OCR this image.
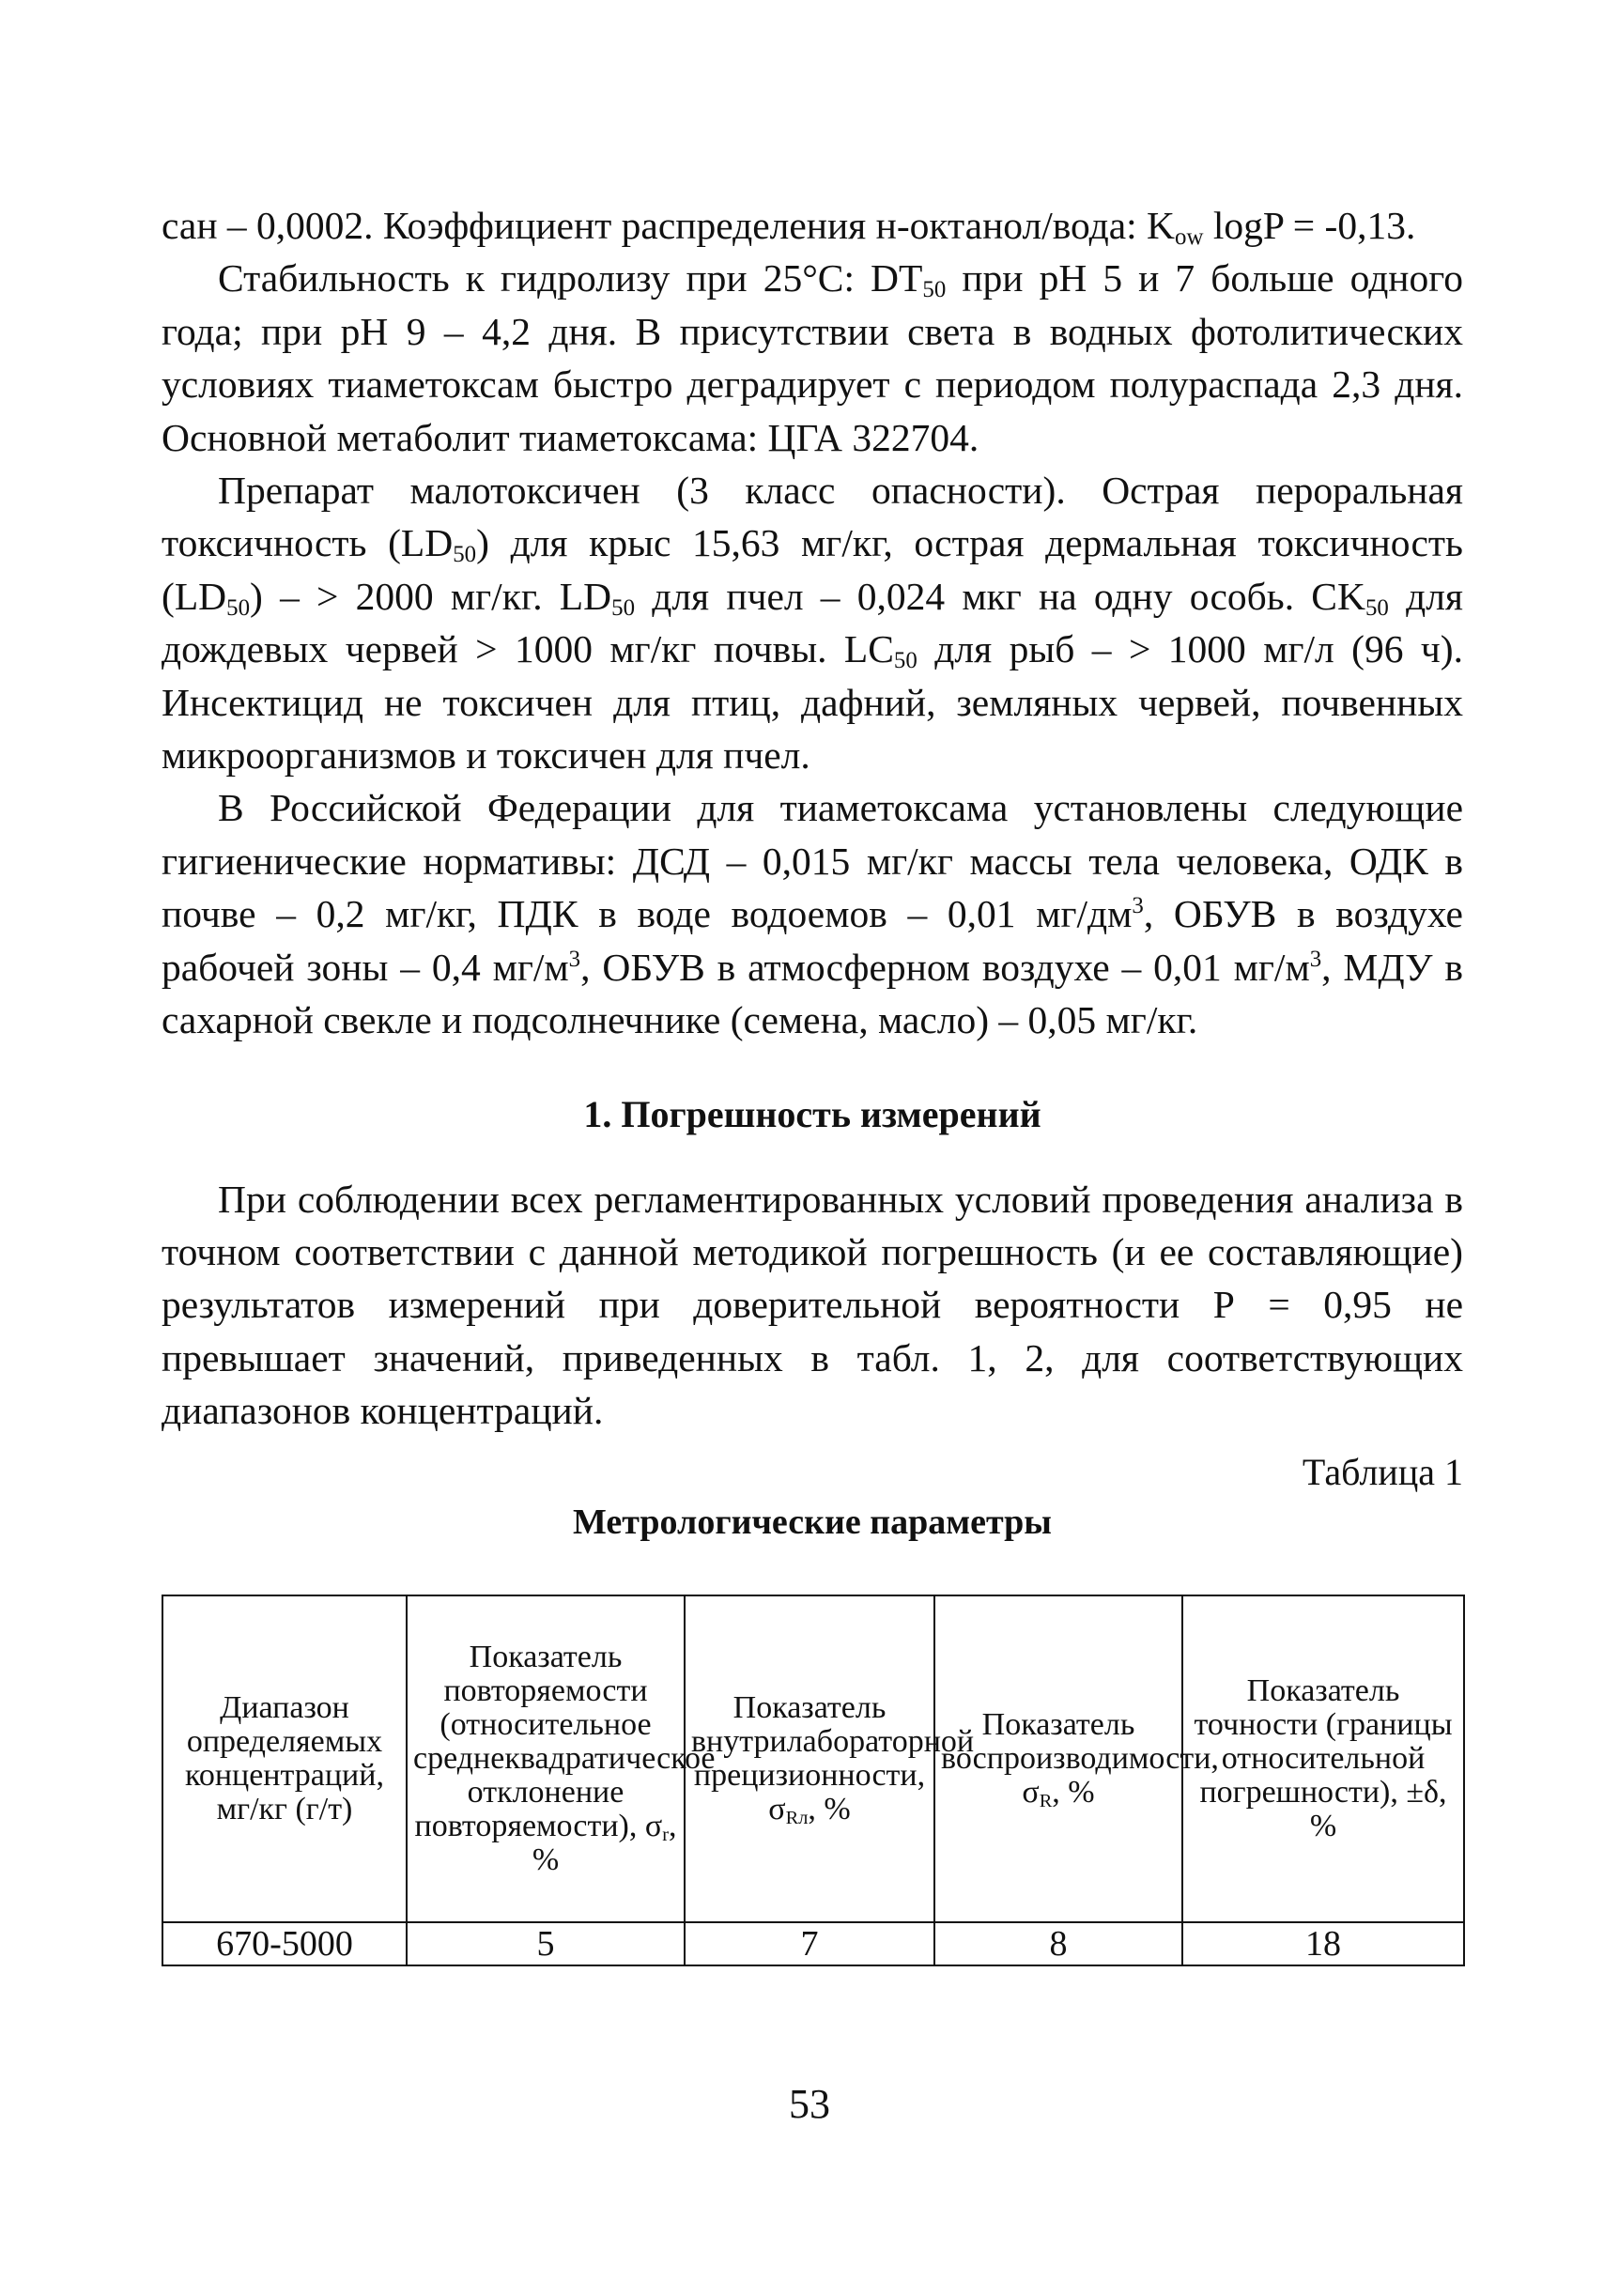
сан – 0,0002. Коэффициент распределения н-октанол/вода: $K_{ow}$ logP = -0,13.

Стабильность к гидролизу при 25°С: $DT_{50}$ при pH 5 и 7 больше одного года; при pH 9 – 4,2 дня. В присутствии света в водных фотолитических условиях тиаметоксам быстро деградирует с периодом полураспада 2,3 дня. Основной метаболит тиаметоксама: ЦГА 322704.

Препарат малотоксичен (3 класс опасности). Острая пероральная токсичность $(LD_{50})$ для крыс 15,63 мг/кг, острая дермальная токсичность $(LD_{50})$ – > 2000 мг/кг. $LD_{50}$ для пчел – 0,024 мкг на одну особь. $CK_{50}$ для дождевых червей > 1000 мг/кг почвы. $LC_{50}$ для рыб – > 1000 мг/л (96 ч). Инсектицид не токсичен для птиц, дафний, земляных червей, почвенных микроорганизмов и токсичен для пчел.

В Российской Федерации для тиаметоксама установлены следующие гигиенические нормативы: ДСД – 0,015 мг/кг массы тела человека, ОДК в почве – 0,2 мг/кг, ПДК в воде водоемов – 0,01 $мг/дм^3$, ОБУВ в воздухе рабочей зоны – 0,4 $мг/м^3$, ОБУВ в атмосферном воздухе – 0,01 $мг/м^3$, МДУ в сахарной свекле и подсолнечнике (семена, масло) – 0,05 мг/кг.

1. Погрешность измерений

При соблюдении всех регламентированных условий проведения анализа в точном соответствии с данной методикой погрешность (и ее составляющие) результатов измерений при доверительной вероятности Р = 0,95 не превышает значений, приведенных в табл. 1, 2, для соответствующих диапазонов концентраций.

Таблица 1

Метрологические параметры

Диапазон определяемых концентраций, мг/кг (г/т)	Показатель повторяемости (относительное среднеквадратическое отклонение повторяемости), $\sigma_r$, %	Показатель внутрилабораторной прецизионности, $\sigma_{Rл}$, %	Показатель воспроизводимости, $\sigma_R$, %	Показатель точности (границы относительной погрешности), ±δ, %
670-5000	5	7	8	18
53
